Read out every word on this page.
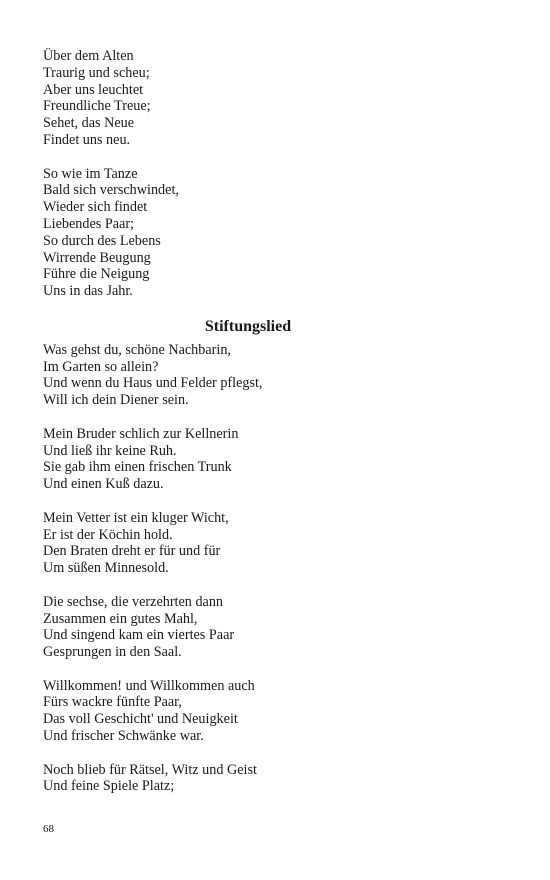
Über dem Alten
Traurig und scheu;
Aber uns leuchtet
Freundliche Treue;
Sehet, das Neue
Findet uns neu.
So wie im Tanze
Bald sich verschwindet,
Wieder sich findet
Liebendes Paar;
So durch des Lebens
Wirrende Beugung
Führe die Neigung
Uns in das Jahr.
Stiftungslied
Was gehst du, schöne Nachbarin,
Im Garten so allein?
Und wenn du Haus und Felder pflegst,
Will ich dein Diener sein.
Mein Bruder schlich zur Kellnerin
Und ließ ihr keine Ruh.
Sie gab ihm einen frischen Trunk
Und einen Kuß dazu.
Mein Vetter ist ein kluger Wicht,
Er ist der Köchin hold.
Den Braten dreht er für und für
Um süßen Minnesold.
Die sechse, die verzehrten dann
Zusammen ein gutes Mahl,
Und singend kam ein viertes Paar
Gesprungen in den Saal.
Willkommen! und Willkommen auch
Fürs wackre fünfte Paar,
Das voll Geschicht' und Neuigkeit
Und frischer Schwänke war.
Noch blieb für Rätsel, Witz und Geist
Und feine Spiele Platz;
68
